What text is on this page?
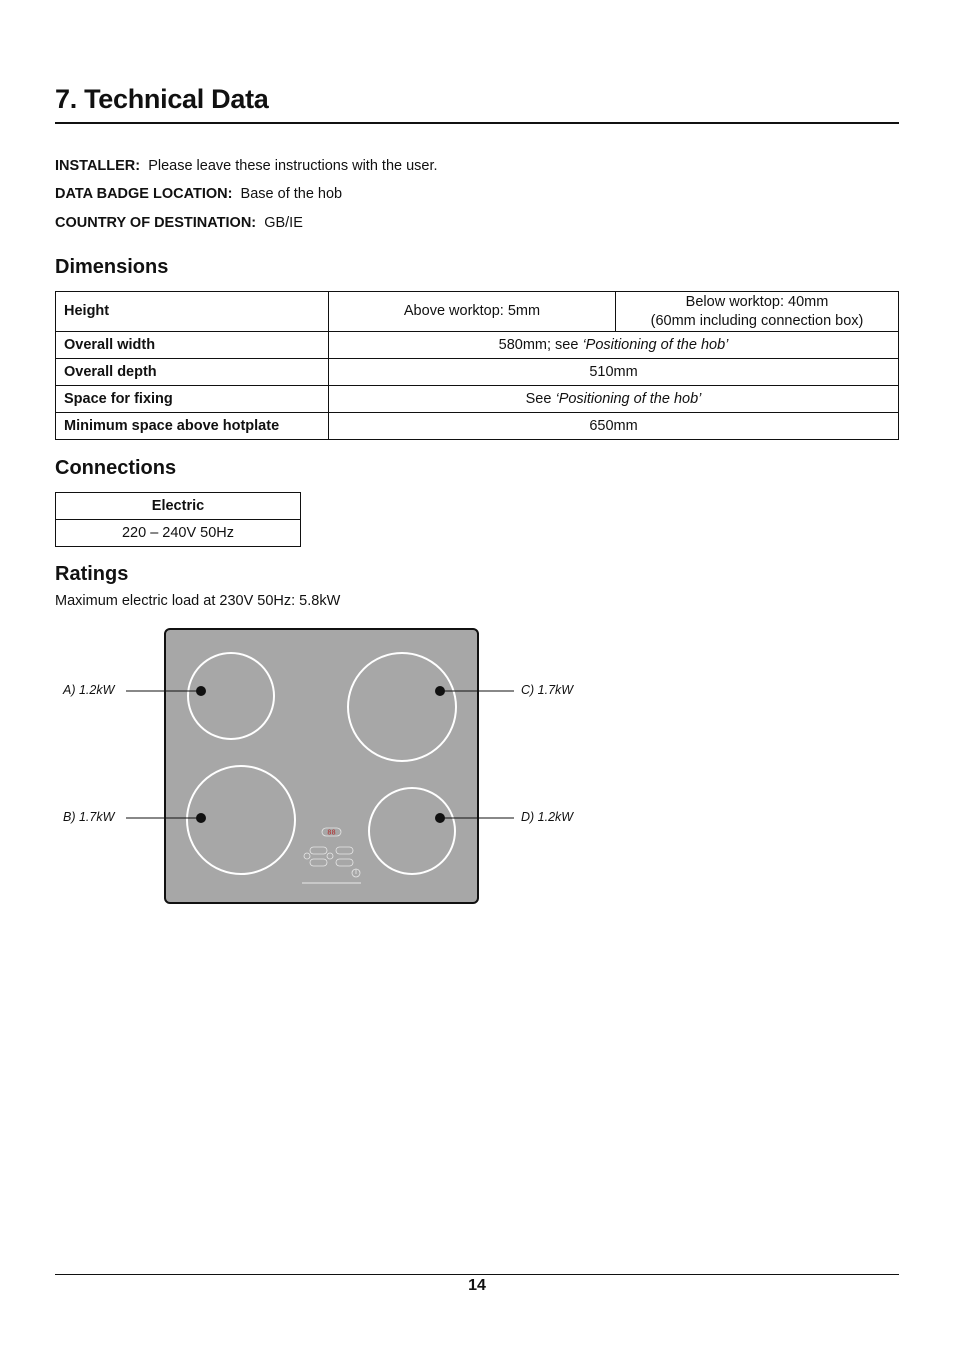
7. Technical Data
INSTALLER: Please leave these instructions with the user.
DATA BADGE LOCATION: Base of the hob
COUNTRY OF DESTINATION: GB/IE
Dimensions
Height	Above worktop: 5mm	Below worktop: 40mm
(60mm including connection box)
Overall width	580mm; see ‘Positioning of the hob’	
Overall depth	510mm	
Space for fixing	See ‘Positioning of the hob’	
Minimum space above hotplate	650mm	
Connections
Electric
220 – 240V 50Hz
Ratings
Maximum electric load at 230V 50Hz: 5.8kW
88
A) 1.2kW
B) 1.7kW
C) 1.7kW
D) 1.2kW
14
